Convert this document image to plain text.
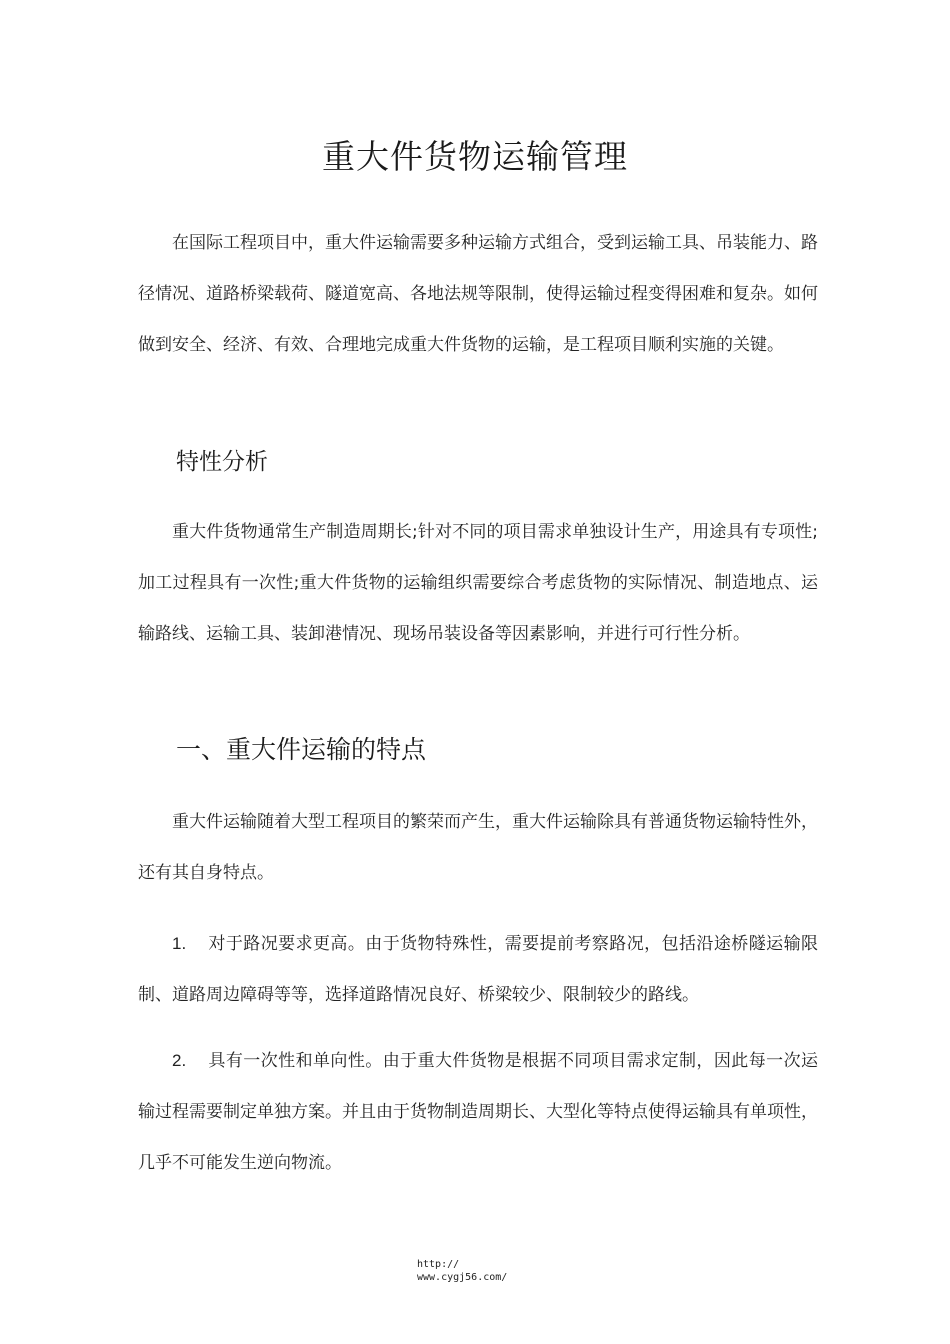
重大件货物运输管理
在国际工程项目中，重大件运输需要多种运输方式组合，受到运输工具、吊装能力、路径情况、道路桥梁载荷、隧道宽高、各地法规等限制，使得运输过程变得困难和复杂。如何做到安全、经济、有效、合理地完成重大件货物的运输，是工程项目顺利实施的关键。
特性分析
重大件货物通常生产制造周期长;针对不同的项目需求单独设计生产，用途具有专项性;加工过程具有一次性;重大件货物的运输组织需要综合考虑货物的实际情况、制造地点、运输路线、运输工具、装卸港情况、现场吊装设备等因素影响，并进行可行性分析。
一、重大件运输的特点
重大件运输随着大型工程项目的繁荣而产生，重大件运输除具有普通货物运输特性外，还有其自身特点。
1. 对于路况要求更高。由于货物特殊性，需要提前考察路况，包括沿途桥隧运输限制、道路周边障碍等等，选择道路情况良好、桥梁较少、限制较少的路线。
2. 具有一次性和单向性。由于重大件货物是根据不同项目需求定制，因此每一次运输过程需要制定单独方案。并且由于货物制造周期长、大型化等特点使得运输具有单项性，几乎不可能发生逆向物流。
http://
www.cygj56.com/
